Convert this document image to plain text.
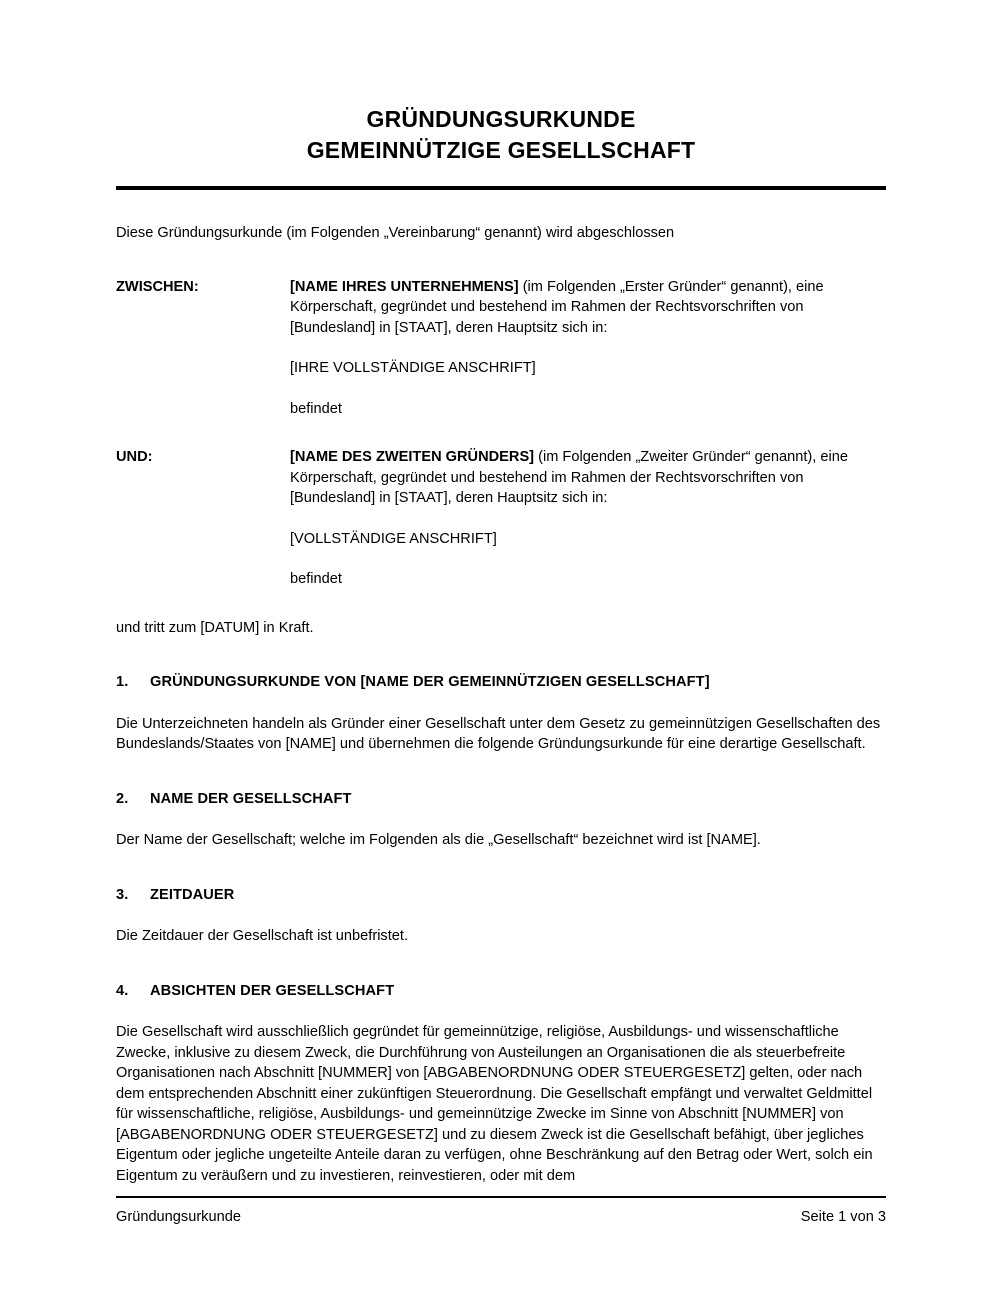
GRÜNDUNGSURKUNDE
GEMEINNÜTZIGE GESELLSCHAFT

Diese Gründungsurkunde (im Folgenden „Vereinbarung“ genannt) wird abgeschlossen

ZWISCHEN:	[NAME IHRES UNTERNEHMENS] (im Folgenden „Erster Gründer“ genannt), eine Körperschaft, gegründet und bestehend im Rahmen der Rechtsvorschriften von [Bundesland] in [STAAT], deren Hauptsitz sich in:
[IHRE VOLLSTÄNDIGE ANSCHRIFT]
befindet
UND:	[NAME DES ZWEITEN GRÜNDERS] (im Folgenden „Zweiter Gründer“ genannt), eine Körperschaft, gegründet und bestehend im Rahmen der Rechtsvorschriften von [Bundesland] in [STAAT], deren Hauptsitz sich in:
[VOLLSTÄNDIGE ANSCHRIFT]
befindet

und tritt zum [DATUM] in Kraft.

1.	GRÜNDUNGSURKUNDE VON [NAME DER GEMEINNÜTZIGEN GESELLSCHAFT]

Die Unterzeichneten handeln als Gründer einer Gesellschaft unter dem Gesetz zu gemeinnützigen Gesellschaften des Bundeslands/Staates von [NAME] und übernehmen die folgende Gründungsurkunde für eine derartige Gesellschaft.

2.	NAME DER GESELLSCHAFT

Der Name der Gesellschaft; welche im Folgenden als die „Gesellschaft“ bezeichnet wird ist [NAME].

3.	ZEITDAUER

Die Zeitdauer der Gesellschaft ist unbefristet.

4.	ABSICHTEN DER GESELLSCHAFT

Die Gesellschaft wird ausschließlich gegründet für gemeinnützige, religiöse, Ausbildungs- und wissenschaftliche Zwecke, inklusive zu diesem Zweck, die Durchführung von Austeilungen an Organisationen die als steuerbefreite Organisationen nach Abschnitt [NUMMER] von [ABGABENORDNUNG ODER STEUERGESETZ] gelten, oder nach dem entsprechenden Abschnitt einer zukünftigen Steuerordnung. Die Gesellschaft empfängt und verwaltet Geldmittel für wissenschaftliche, religiöse, Ausbildungs- und gemeinnützige Zwecke im Sinne von Abschnitt [NUMMER] von [ABGABENORDNUNG ODER STEUERGESETZ] und zu diesem Zweck ist die Gesellschaft befähigt, über jegliches Eigentum oder jegliche ungeteilte Anteile daran zu verfügen, ohne Beschränkung auf den Betrag oder Wert, solch ein Eigentum zu veräußern und zu investieren, reinvestieren, oder mit dem

Gründungsurkunde	Seite 1 von 3
